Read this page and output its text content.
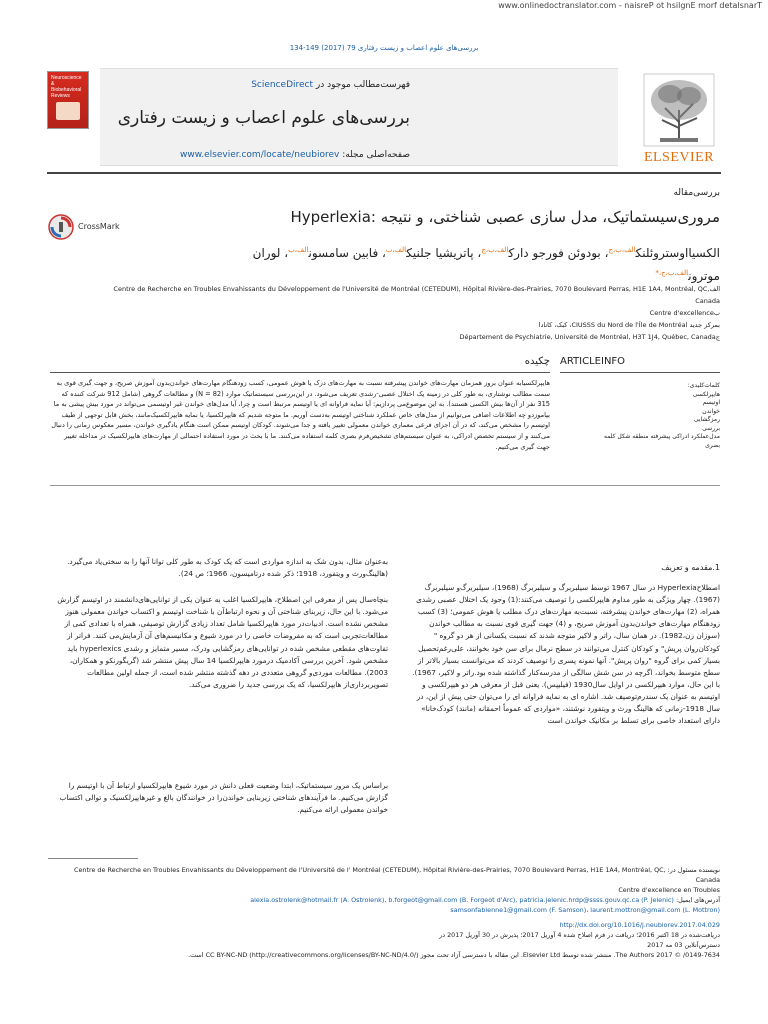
www.onlinedoctranslator.com - naisreP ot hsilgnE morf detalsnarT
بررسی‌های علوم اعصاب و زیست رفتاری 79 (2017) 149-134
Neuroscience & Biobehavioral Reviews
فهرست‌مطالب موجود در ScienceDirect
بررسی‌های علوم اعصاب و زیست رفتاری
صفحه‌اصلی مجله: www.elsevier.com/locate/neubiorev	ELSEVIER
بررسی‌مقاله
مروری‌سیستماتیک، مدل سازی عصبی شناختی، و نتیجه :Hyperlexia
CrossMark
الکسیااوستروئلنک$^{الف،ب،ج}$، بودوئن فورجو دارک$^{الف،ب،ج}$، پاتریشیا جلنیک$^{الف،ب}$، فابین سامسون$^{الف،ب}$، لوران
موترون$^{الف،ب،ج،*}$
الفCentre de Recherche en Troubles Envahissants du Développement de l'Université de Montréal (CETEDUM), Hôpital Rivière-des-Prairies, 7070 Boulevard Perras, H1E 1A4, Montréal, QC, Canada
بCentre d'excellence
بمرکز جدید CIUSSS du Nord de l'Île de Montréal، کبک، کانادا
جDépartement de Psychiatrie, Université de Montréal, H3T 1J4, Québec, Canada
ARTICLEINFO
چکیده
کلمات‌کلیدی:
هایپرلکسی
اوتیسم
خواندن
رمزگشایی
بررسی
مدل‌عملکرد ادراکی پیشرفته منطقه شکل کلمه
بصری
هایپرلکسیابه عنوان بروز همزمان مهارت‌های خواندن پیشرفته نسبت به مهارت‌های درک یا هوش عمومی، کسب زودهنگام مهارت‌های خواندن‌بدون آموزش صریح، و جهت گیری قوی به سمت مطالب نوشتاری، به طور کلی در زمینه یک اختلال عصبی-رشدی تعریف می‌شود. در این‌بررسی سیستماتیک موارد (82 = N) و مطالعات گروهی (شامل 912 شرکت کننده که 315 نفر از آن‌ها بیش الکسی هستند). به این موضوع‌می پردازیم: آیا نمایه فراوانه ای یا اوتیسم مرتبط است و چرا، آیا مدل‌های خواندن غیر اوتیسمی می‌تواند در مورد بیش پیشی به ما بیاموزدو چه اطلاعات اضافی می‌توانیم از مدل‌های خاص عملکرد شناختی اوتیسم به‌دست آوریم. ما متوجه شدیم که هایپرلکسیا، یا نمایه هایپرلکسیک‌مانند، بخش قابل توجهی از طیف اوتیسم را مشخص می‌کند، که در آن اجزای فرعی معماری خواندن معمولی تغییر یافته و جدا می‌شوند. کودکان اوتیسم ممکن است هنگام یادگیری خواندن، مسیر معکوس زمانی را دنبال می‌کنند و از سیستم تخصص ادراکی، به عنوان سیستم‌های تشخیص‌فرم بصری کلمه استفاده می‌کنند. ما با بحث در مورد استفاده احتمالی از مهارت‌های هایپرلکسیک در مداخله تغییر جهت گیری می‌کنیم.
1.مقدمه و تعریف
اصطلاح‌Hyperlexia در سال 1967 توسط سیلبربرگ و سیلبربرگ (1968)، سیلبربرگ‌و سیلبربرگ (1967). چهار ویژگی به طور مداوم هایپرلکسی را توصیف می‌کنند:(1) وجود یک اختلال عصبی رشدی همراه، (2) مهارت‌های خواندن پیشرفته، نسبت‌به مهارت‌های درک مطلب یا هوش عمومی؛ (3) کسب زودهنگام مهارت‌های خواندن‌بدون آموزش صریح، و (4) جهت گیری قوی نسبت به مطالب خواندن (سوزان زن،1982). در همان سال، راتر و لاکیر متوجه شدند که نسبت یکسانی از هر دو گروه " کودکان‌روان پریش" و کودکان کنترل می‌توانند در سطح نرمال برای سن خود بخوانند، علی‌رغم‌تحصیل بسیار کمی برای گروه "روان پریش". آنها نمونه پسری را توصیف کردند که می‌توانست بسیار بالاتر از سطح متوسط بخواند، اگرچه در سن شش سالگی از مدرسه‌کنار گذاشته شده بود.راتر و لاکیر، 1967). با این حال، موارد هیپرلکسی در اوایل سال1930 (فیلیپس). یعنی قبل از معرفی هر دو هیپرلکسی و اوتیسم به عنوان یک سندرم‌توصیف شد. اشاره ای به نمایه فراوانه ای را می‌توان حتی پیش از این، در سال 1918-زمانی که هالینگ ورث و ویتفورد نوشتند، «مواردی که عموماً احمقانه (مانند) کودک‌خانا» دارای استعداد خاصی برای تسلط بر مکانیک خواندن است
به‌عنوان مثال، بدون شک به اندازه مواردی است که یک کودک به طور کلی توانا آنها را به سختی‌یاد می‌گیرد. (هالینگ‌ورث و ویتفورد، 1918؛ ذکر شده درتامیسون، 1966؛ ص 24).
بنچاه‌سال پس از معرفی این اصطلاح، هایپرلکسیا اغلب به عنوان یکی از توانایی‌های‌دانشمند در اوتیسم گزارش می‌شود. با این حال، زیربنای شناختی آن و نحوه ارتباط‌آن با شناخت اوتیسم و اکتساب خواندن معمولی هنوز مشخص نشده است. ادبیات‌در مورد هایپرلکسیا شامل تعداد زیادی گزارش توصیفی، همراه با تعدادی کمی از مطالعات‌تجربی است که به مفروضات خاصی را در مورد شیوع و مکانیسم‌های آن آزمایش‌می کنند. فراتر از تفاوت‌های مقطعی مشخص شده در توانایی‌های رمزگشایی ودرک، مسیر متمایز و رشدی hyperlexics باید مشخص شود. آخرین بررسی آکادمیک درمورد هایپرلکسیا 14 سال پیش منتشر شد (گریگورنکو و همکاران، 2003). مطالعات موردی‌و گروهی متعددی در دهه گذشته منتشر شده است، از جمله اولین مطالعات تصویربرداری‌از هایپرلکسیا، که یک بررسی جدید را ضروری می‌کند.
براساس یک مرور سیستماتیک، ابتدا وضعیت فعلی دانش در مورد شیوع هایپرلکسیاو ارتباط آن با اوتیسم را گزارش می‌کنیم. ما فرآیندهای شناختی زیربنایی خواندن‌را در خوانندگان بالغ و غیرهایپرلکسیک و توالی اکتساب خواندن معمولی ارائه می‌کنیم.
نویسنده مسئول در: Centre de Recherche en Troubles Envahissants du Développement de l'Université de l' Montréal (CETEDUM), Hôpital Rivière-des-Prairies, 7070 Boulevard Perras, H1E 1A4, Montréal, QC, Canada
Centre d'excellence en Troubles
آدرس‌های ایمیل: alexia.ostrolenk@hotmail.fr (A. Ostrolenk), b.forgeot@gmail.com (B. Forgeot d'Arc), patricia.jelenic.hrdp@ssss.gouv.qc.ca (P. Jelenic)
samsonfabienne1@gmail.com (F. Samson)، laurent.mottron@gmail.com (L. Mottron)
http://dx.doi.org/10.1016/j.neubiorev.2017.04.029
دریافت‌شده در 18 اکتبر 2016؛ دریافت در فرم اصلاح شده 4 آوریل 2017؛ پذیرش در 30 آوریل 2017 در
دسترس‌آنلاین 03 مه 2017
0149-7634/ © 2017 The Authors. منتشر شده توسط Elsevier Ltd. این مقاله با دسترسی آزاد تحت مجوز CC BY-NC-ND (http://creativecommons.org/licenses/BY-NC-ND/4.0/) است.
